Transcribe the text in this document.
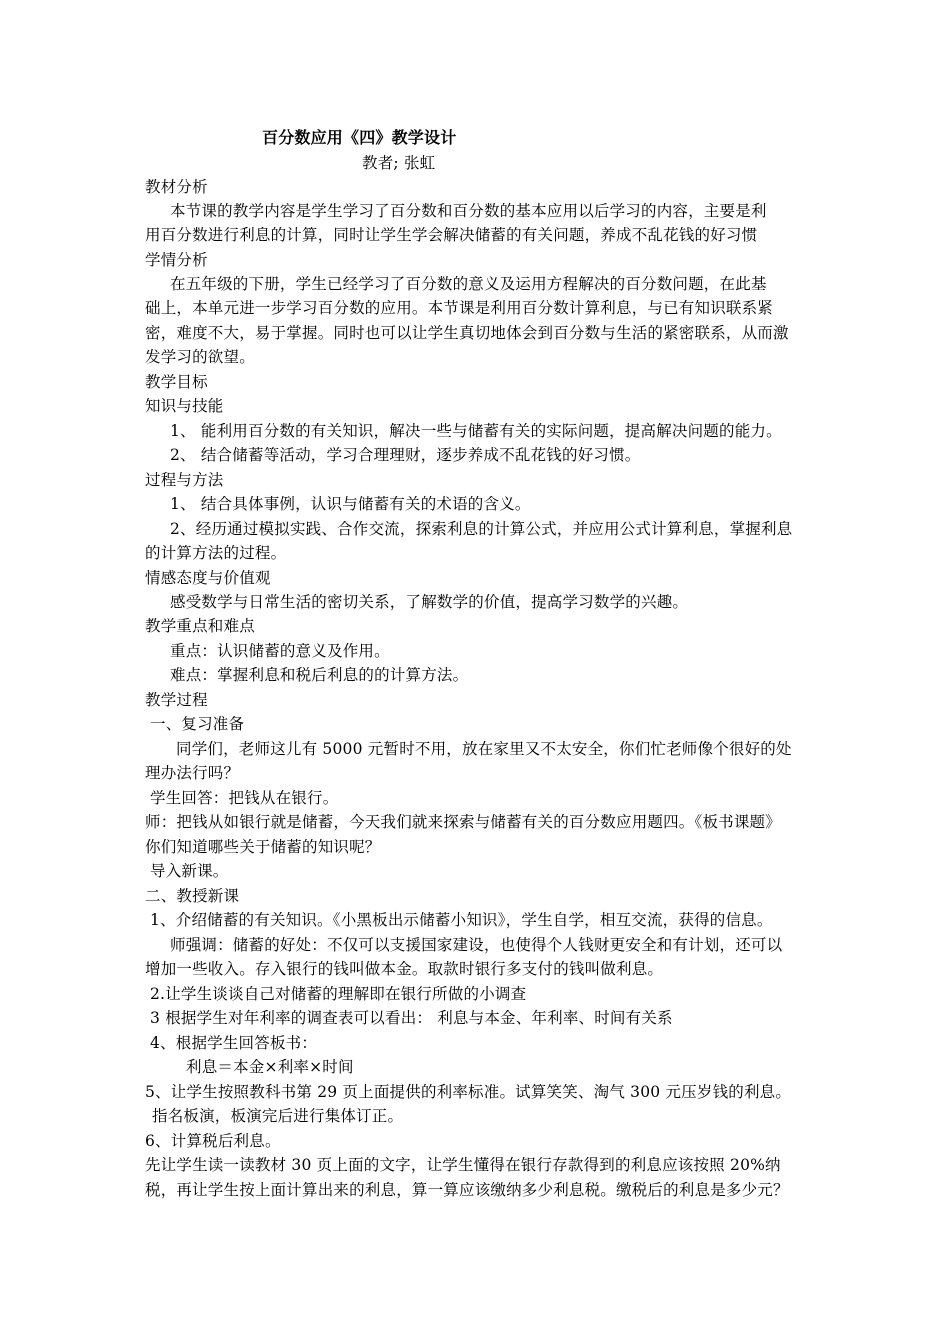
百分数应用《四》教学设计
教者; 张虹
教材分析
本节课的教学内容是学生学习了百分数和百分数的基本应用以后学习的内容，主要是利
用百分数进行利息的计算，同时让学生学会解决储蓄的有关问题，养成不乱花钱的好习惯
学情分析
在五年级的下册，学生已经学习了百分数的意义及运用方程解决的百分数问题，在此基
础上，本单元进一步学习百分数的应用。本节课是利用百分数计算利息，与已有知识联系紧
密，难度不大，易于掌握。同时也可以让学生真切地体会到百分数与生活的紧密联系，从而激
发学习的欲望。
教学目标
知识与技能
1、 能利用百分数的有关知识，解决一些与储蓄有关的实际问题，提高解决问题的能力。
2、 结合储蓄等活动，学习合理理财，逐步养成不乱花钱的好习惯。
过程与方法
1、 结合具体事例，认识与储蓄有关的术语的含义。
2、经历通过模拟实践、合作交流，探索利息的计算公式，并应用公式计算利息，掌握利息
的计算方法的过程。
情感态度与价值观
感受数学与日常生活的密切关系，了解数学的价值，提高学习数学的兴趣。
教学重点和难点
重点：认识储蓄的意义及作用。
难点：掌握利息和税后利息的的计算方法。
教学过程
一、复习准备
同学们，老师这儿有 5000 元暂时不用，放在家里又不太安全，你们忙老师像个很好的处
理办法行吗？
学生回答：把钱从在银行。
师：把钱从如银行就是储蓄，今天我们就来探索与储蓄有关的百分数应用题四。《板书课题》
你们知道哪些关于储蓄的知识呢？
导入新课。
二、教授新课
1、介绍储蓄的有关知识。《小黑板出示储蓄小知识》，学生自学，相互交流，获得的信息。
师强调：储蓄的好处：不仅可以支援国家建设，也使得个人钱财更安全和有计划，还可以
增加一些收入。存入银行的钱叫做本金。取款时银行多支付的钱叫做利息。
2.让学生谈谈自己对储蓄的理解即在银行所做的小调查
3 根据学生对年利率的调查表可以看出： 利息与本金、年利率、时间有关系
4、根据学生回答板书：
利息＝本金×利率×时间
5、让学生按照教科书第 29 页上面提供的利率标准。试算笑笑、淘气 300 元压岁钱的利息。
指名板演，板演完后进行集体订正。
6、计算税后利息。
先让学生读一读教材 30 页上面的文字，让学生懂得在银行存款得到的利息应该按照 20%纳
税，再让学生按上面计算出来的利息，算一算应该缴纳多少利息税。缴税后的利息是多少元？
